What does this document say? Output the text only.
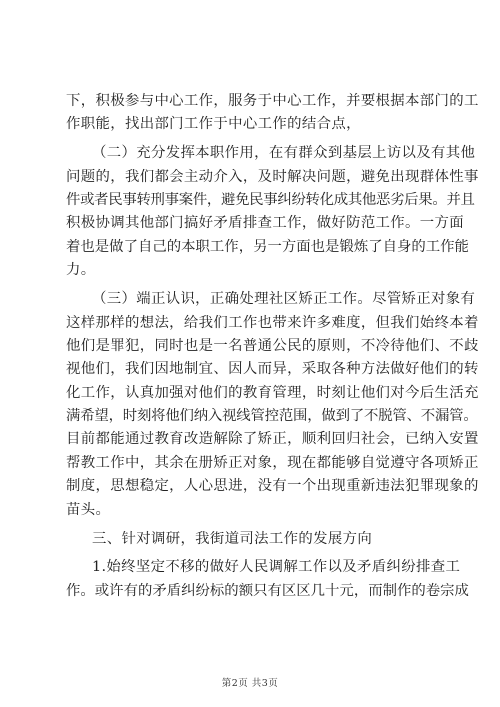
下，积极参与中心工作，服务于中心工作，并要根据本部门的工
作职能，找出部门工作于中心工作的结合点，
（二）充分发挥本职作用，在有群众到基层上访以及有其他
问题的，我们都会主动介入，及时解决问题，避免出现群体性事
件或者民事转刑事案件，避免民事纠纷转化成其他恶劣后果。并且
积极协调其他部门搞好矛盾排查工作，做好防范工作。一方面
着也是做了自己的本职工作，另一方面也是锻炼了自身的工作能
力。
（三）端正认识，正确处理社区矫正工作。尽管矫正对象有
这样那样的想法，给我们工作也带来许多难度，但我们始终本着
他们是罪犯，同时也是一名普通公民的原则，不冷待他们、不歧
视他们，我们因地制宜、因人而异，采取各种方法做好他们的转
化工作，认真加强对他们的教育管理，时刻让他们对今后生活充
满希望，时刻将他们纳入视线管控范围，做到了不脱管、不漏管。
目前都能通过教育改造解除了矫正，顺利回归社会，已纳入安置
帮教工作中，其余在册矫正对象，现在都能够自觉遵守各项矫正
制度，思想稳定，人心思进，没有一个出现重新违法犯罪现象的
苗头。
三、针对调研，我街道司法工作的发展方向
1.始终坚定不移的做好人民调解工作以及矛盾纠纷排查工
作。或许有的矛盾纠纷标的额只有区区几十元，而制作的卷宗成
第2页 共3页
